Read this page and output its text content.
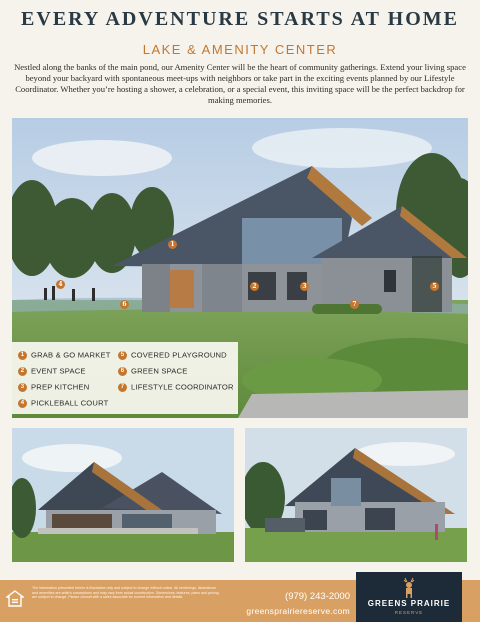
EVERY ADVENTURE STARTS AT HOME
LAKE & AMENITY CENTER
Nestled along the banks of the main pond, our Amenity Center will be the heart of community gatherings. Extend your living space beyond your backyard with spontaneous meet-ups with neighbors or take part in the exciting events planned by our Lifestyle Coordinator. Whether you’re hosting a shower, a celebration, or a special event, this inviting space will be the perfect backdrop for making memories.
1 GRAB & GO MARKET
2 EVENT SPACE
3 PREP KITCHEN
4 PICKLEBALL COURT
5 COVERED PLAYGROUND
6 GREEN SPACE
7 LIFESTYLE COORDINATOR
1
2	3
4	5
6	7
The information presented herein is illustrative only and subject to change without notice. All renderings, illustrations and amenities are artist's conceptions and may vary from actual construction. Dimensions, features, plans and pricing are subject to change. Please consult with a sales associate for current information and details.	(979) 243-2000
greensprairiereserve.com
GREENS PRAIRIE
RESERVE
